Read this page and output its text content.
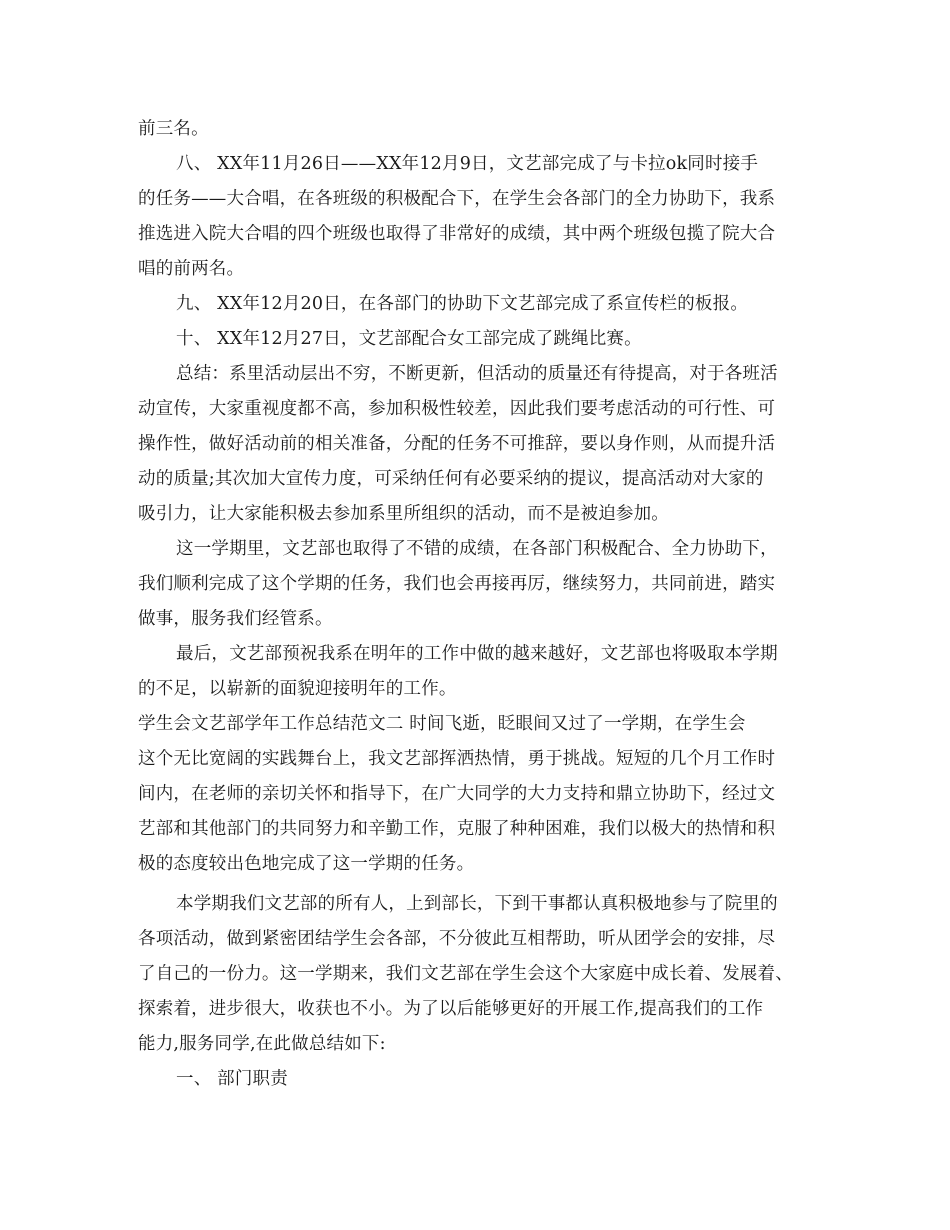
前三名。
八、 XX年11月26日——XX年12月9日，文艺部完成了与卡拉ok同时接手
的任务——大合唱，在各班级的积极配合下，在学生会各部门的全力协助下，我系
推选进入院大合唱的四个班级也取得了非常好的成绩，其中两个班级包揽了院大合
唱的前两名。
九、 XX年12月20日，在各部门的协助下文艺部完成了系宣传栏的板报。
十、 XX年12月27日，文艺部配合女工部完成了跳绳比赛。
总结：系里活动层出不穷，不断更新，但活动的质量还有待提高，对于各班活
动宣传，大家重视度都不高，参加积极性较差，因此我们要考虑活动的可行性、可
操作性，做好活动前的相关准备，分配的任务不可推辞，要以身作则，从而提升活
动的质量;其次加大宣传力度，可采纳任何有必要采纳的提议，提高活动对大家的
吸引力，让大家能积极去参加系里所组织的活动，而不是被迫参加。
这一学期里，文艺部也取得了不错的成绩，在各部门积极配合、全力协助下，
我们顺利完成了这个学期的任务，我们也会再接再厉，继续努力，共同前进，踏实
做事，服务我们经管系。
最后，文艺部预祝我系在明年的工作中做的越来越好，文艺部也将吸取本学期
的不足，以崭新的面貌迎接明年的工作。
学生会文艺部学年工作总结范文二 时间飞逝，眨眼间又过了一学期，在学生会
这个无比宽阔的实践舞台上，我文艺部挥洒热情，勇于挑战。短短的几个月工作时
间内，在老师的亲切关怀和指导下，在广大同学的大力支持和鼎立协助下，经过文
艺部和其他部门的共同努力和辛勤工作，克服了种种困难，我们以极大的热情和积
极的态度较出色地完成了这一学期的任务。
本学期我们文艺部的所有人，上到部长，下到干事都认真积极地参与了院里的
各项活动，做到紧密团结学生会各部，不分彼此互相帮助，听从团学会的安排，尽
了自己的一份力。这一学期来，我们文艺部在学生会这个大家庭中成长着、发展着、
探索着，进步很大，收获也不小。为了以后能够更好的开展工作,提高我们的工作
能力,服务同学,在此做总结如下:
一、 部门职责
